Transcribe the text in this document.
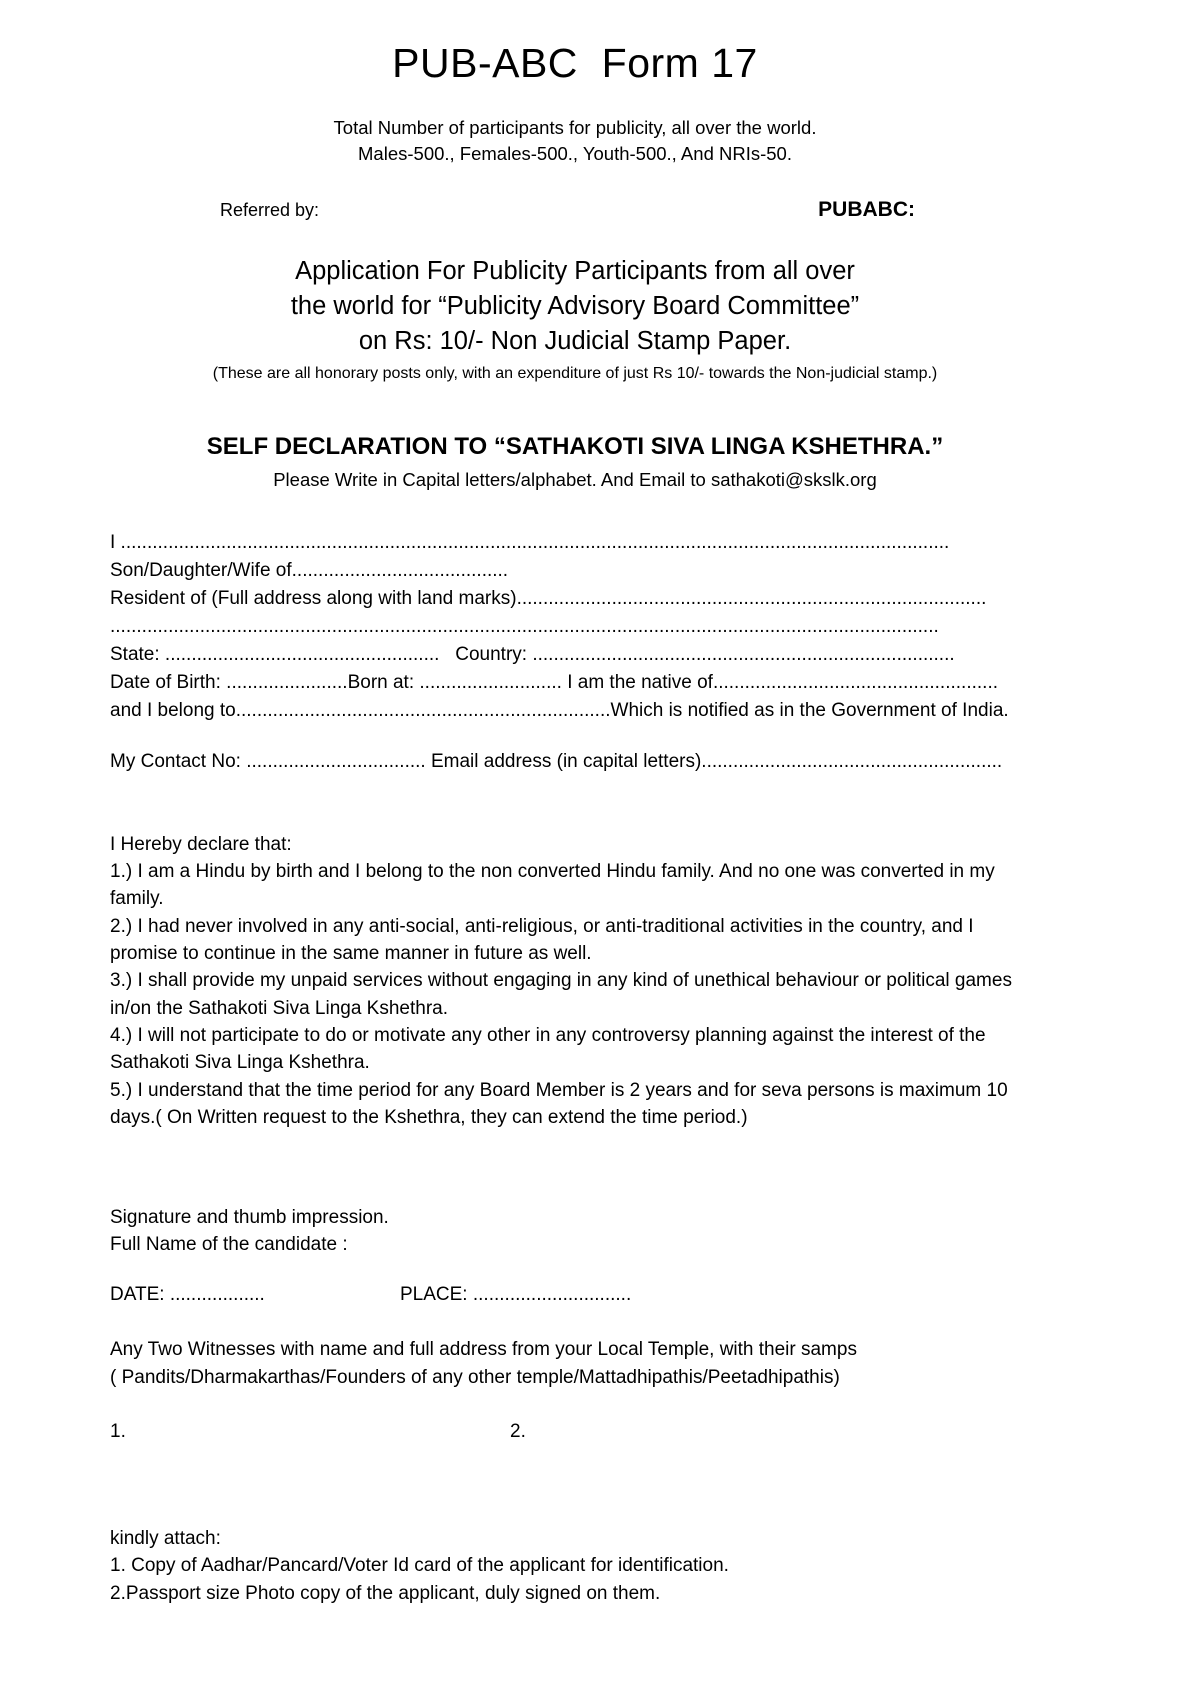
PUB-ABC  Form 17
Total Number of participants for publicity, all over the world.
Males-500., Females-500., Youth-500., And NRIs-50.
Referred by:	PUBABC:
Application For Publicity Participants from all over
the world for “Publicity Advisory Board Committee”
on Rs: 10/- Non Judicial Stamp Paper.
(These are all honorary posts only, with an expenditure of just Rs 10/- towards the Non-judicial stamp.)
SELF DECLARATION TO “SATHAKOTI SIVA LINGA KSHETHRA.”
Please Write in Capital letters/alphabet. And Email to sathakoti@skslk.org
I .............................................................................................................................................................
Son/Daughter/Wife of.........................................
Resident of (Full address along with land marks).........................................................................................
.............................................................................................................................................................
State: ....................................................   Country: ................................................................................
Date of Birth: .......................Born at: ........................... I am the native of......................................................
and I belong to.......................................................................Which is notified as in the Government of India.
My Contact No: .................................. Email address (in capital letters).........................................................

I Hereby declare that:

1.) I am a Hindu by birth and I belong to the non converted Hindu family. And no one was converted in my family.

2.) I had never involved in any anti-social, anti-religious, or anti-traditional activities in the country, and I promise to continue in the same manner in future as well.

3.) I shall provide my unpaid services without engaging in any kind of unethical behaviour or political games in/on the Sathakoti Siva Linga Kshethra.

4.) I will not participate to do or motivate any other in any controversy planning against the interest of the Sathakoti Siva Linga Kshethra.

5.) I understand that the time period for any Board Member is 2 years and for seva persons is maximum 10 days.( On Written request to the Kshethra, they can extend the time period.)

Signature and thumb impression.
Full Name of the candidate :
DATE: ..................	PLACE: ..............................
Any Two Witnesses with name and full address from your Local Temple, with their samps
( Pandits/Dharmakarthas/Founders of any other temple/Mattadhipathis/Peetadhipathis)
1.	2.
kindly attach:
1. Copy of Aadhar/Pancard/Voter Id card of the applicant for identification.
2.Passport size Photo copy of the applicant, duly signed on them.
